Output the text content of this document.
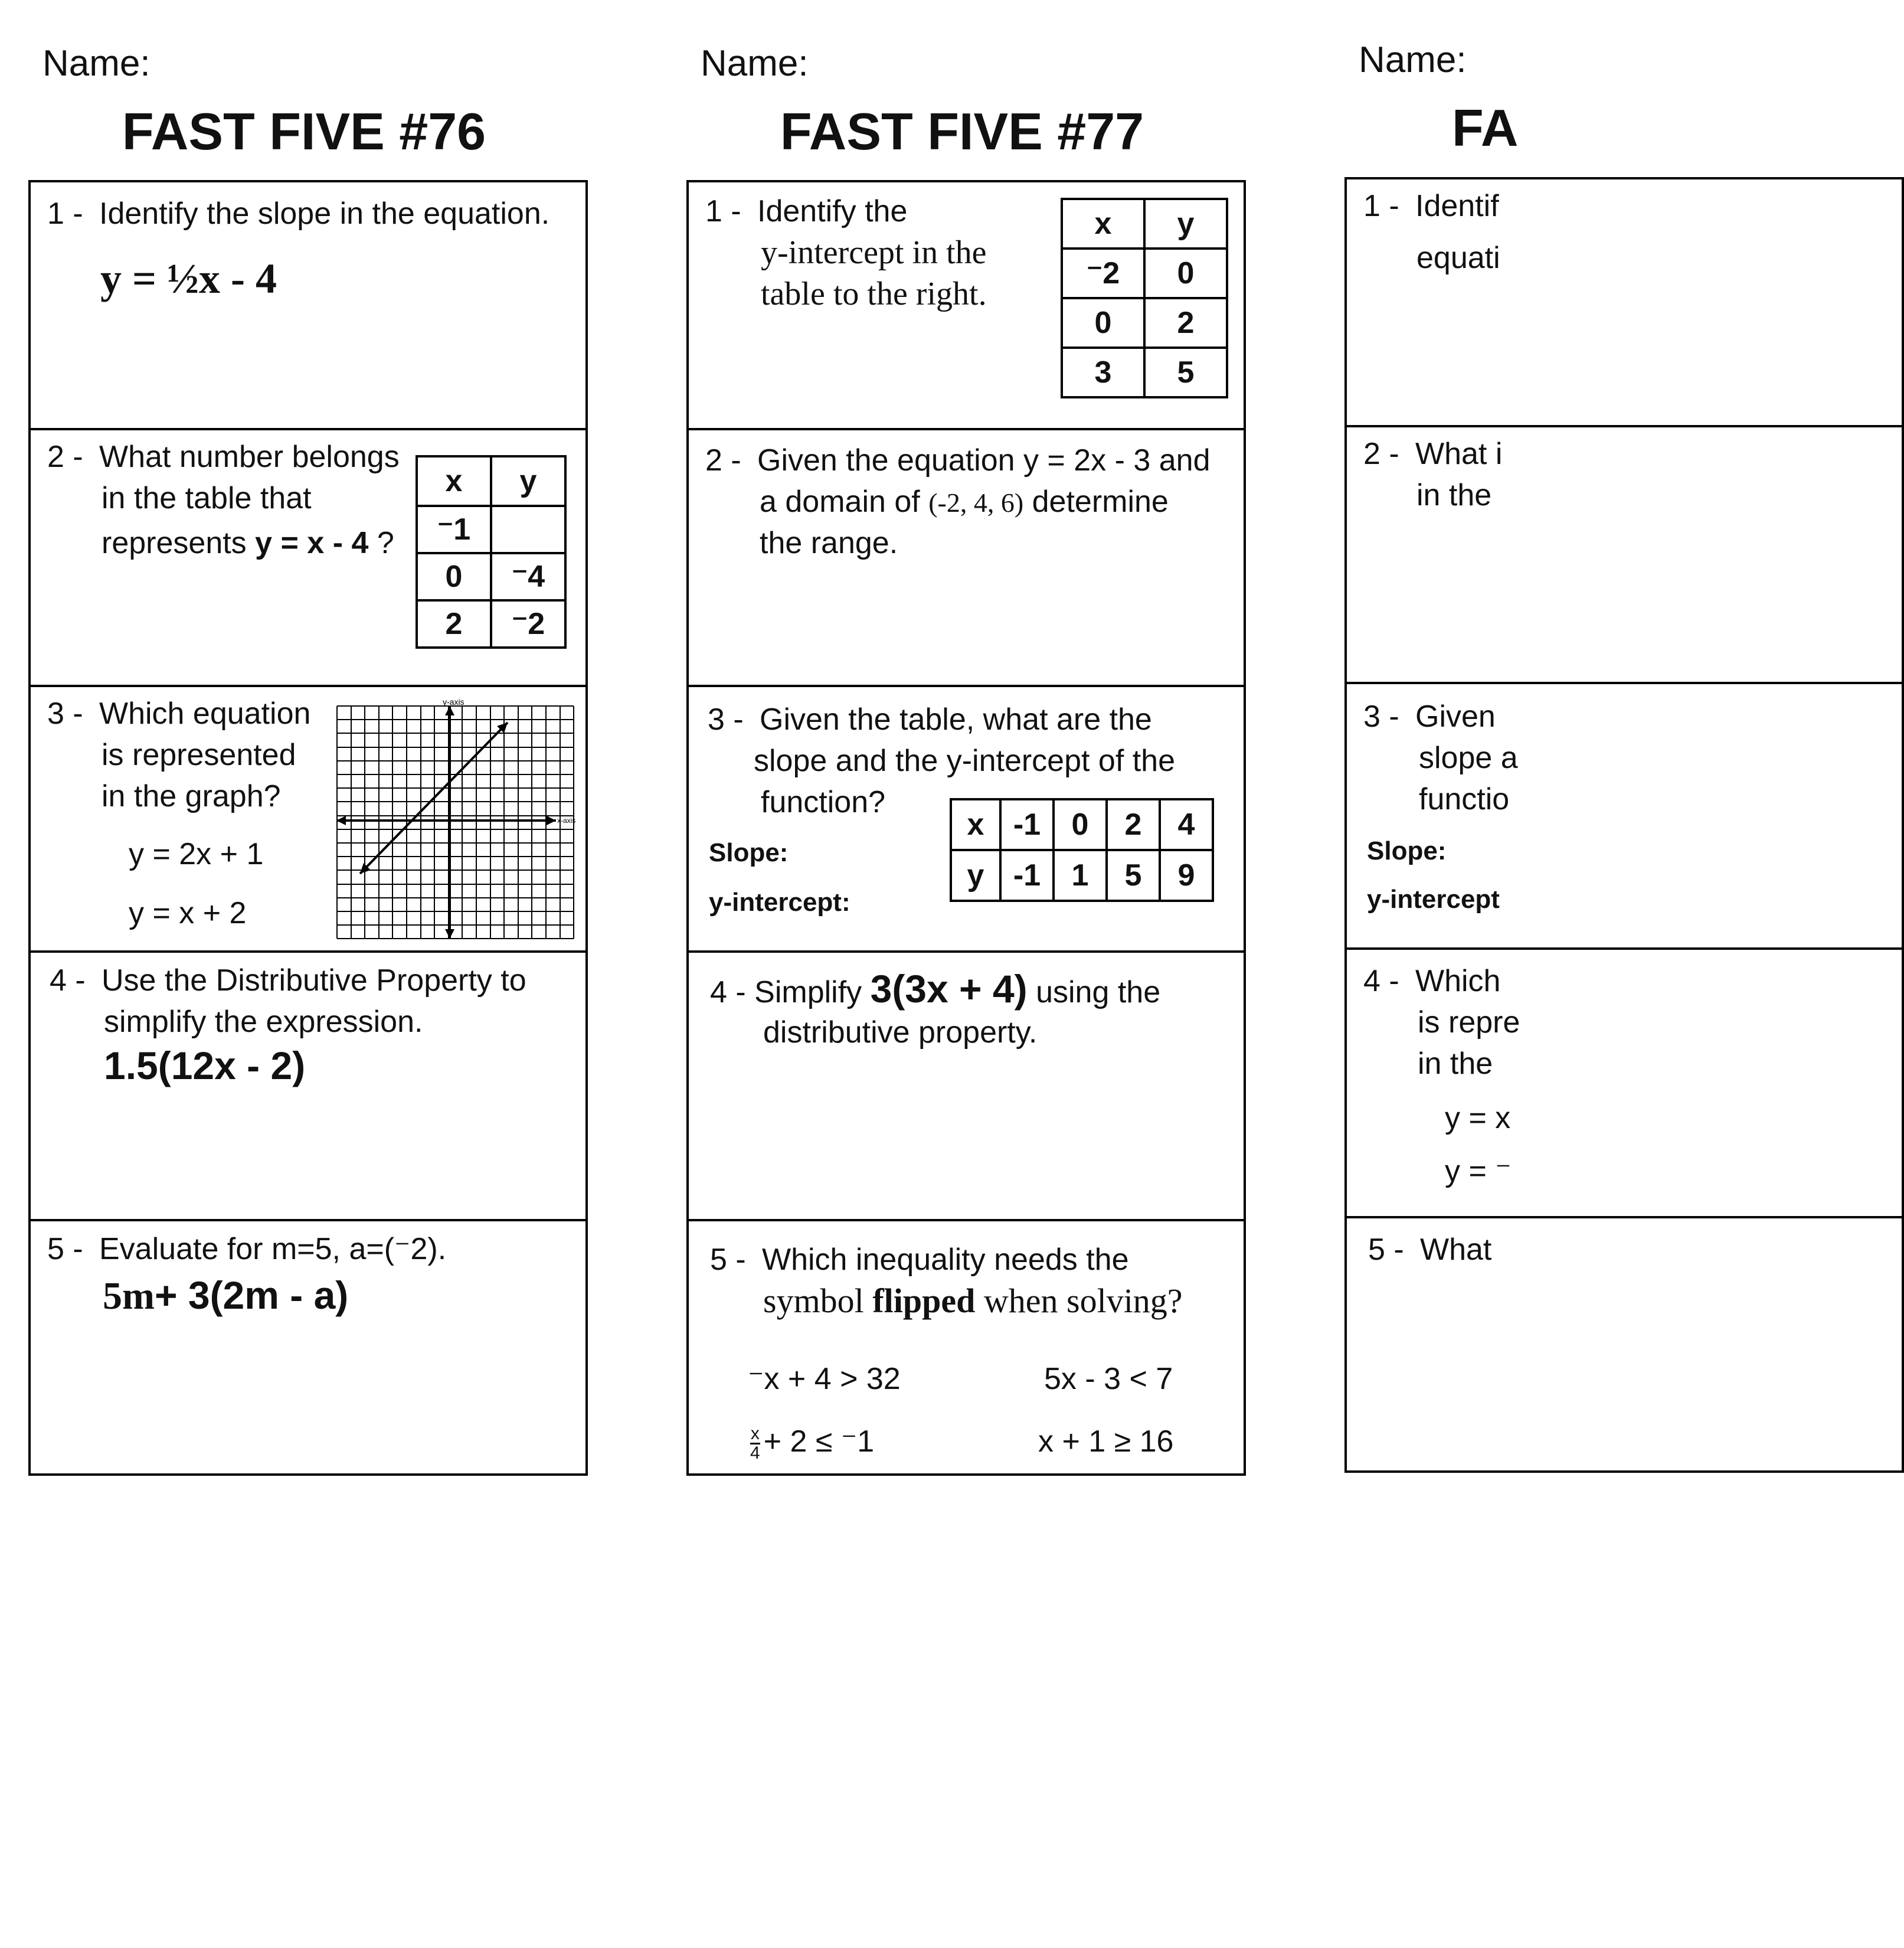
Name:
FAST FIVE #76
1 - Identify the slope in the equation.
y = ½x - 4
2 - What number belongs
in the table that
represents y = x - 4 ?
x	y
⁻1	
0	⁻4
2	⁻2
3 - Which equation
is represented
in the graph?
y = 2x + 1
y = x + 2
y-axis
x-axis
4 - Use the Distributive Property to
simplify the expression.
1.5(12x - 2)
5 - Evaluate for m=5, a=(⁻2).
5m+ 3(2m - a)
Name:
FAST FIVE #77
1 - Identify the
y-intercept in the
table to the right.
x	y
⁻2	0
0	2
3	5
2 - Given the equation y = 2x - 3 and
a domain of (-2, 4, 6) determine
the range.
3 - Given the table, what are the
slope and the y-intercept of the
function?
Slope:
y-intercept:
x	-1	0	2	4
y	-1	1	5	9
4 - Simplify 3(3x + 4) using the
distributive property.
5 - Which inequality needs the
symbol flipped when solving?
⁻x + 4 > 32	5x - 3 < 7
$\frac{x}{4} + 2 \le ^-1$	x + 1 ≥ 16
Name:
FA
1 - Identif
equati
2 - What i
in the
3 - Given
slope a
functio
Slope:
y-intercept
4 - Which
is repre
in the
y = x
y = ⁻
5 - What
